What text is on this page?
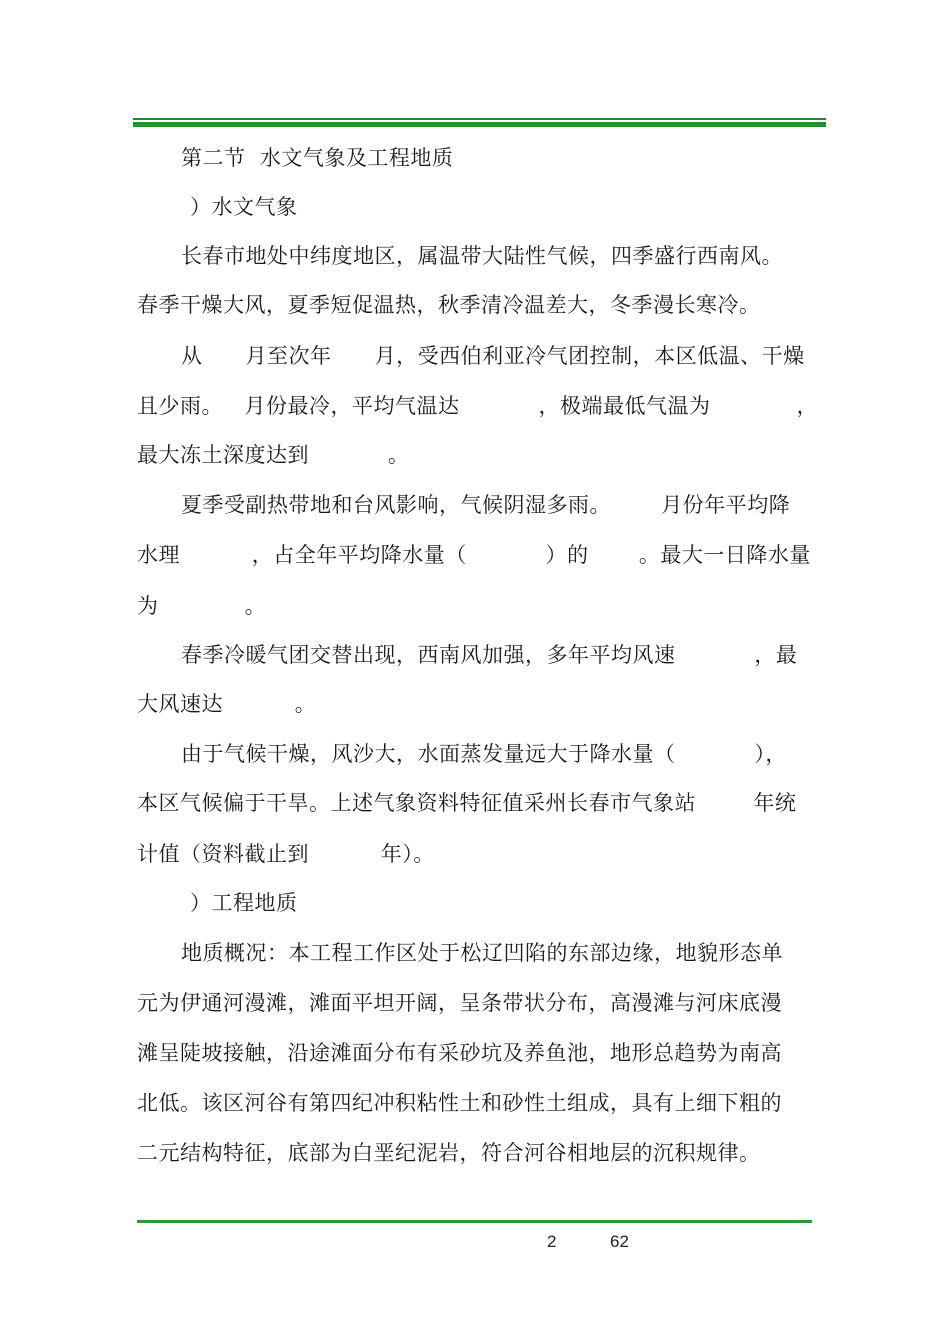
第二节  水文气象及工程地质
）水文气象
长春市地处中纬度地区，属温带大陆性气候，四季盛行西南风。
春季干燥大风，夏季短促温热，秋季清冷温差大，冬季漫长寒冷。
从      月至次年      月，受西伯利亚冷气团控制，本区低温、干燥
且少雨。   月份最冷，平均气温达           ，极端最低气温为            ，
最大冻土深度达到           。
夏季受副热带地和台风影响，气候阴湿多雨。       月份年平均降
水理          ，占全年平均降水量（           ）的       。最大一日降水量
为            。
春季冷暖气团交替出现，西南风加强，多年平均风速           ，最
大风速达          。
由于气候干燥，风沙大，水面蒸发量远大于降水量（           ），
本区气候偏于干旱。上述气象资料特征值采州长春市气象站        年统
计值（资料截止到          年）。
）工程地质
地质概况：本工程工作区处于松辽凹陷的东部边缘，地貌形态单
元为伊通河漫滩，滩面平坦开阔，呈条带状分布，高漫滩与河床底漫
滩呈陡坡接触，沿途滩面分布有采砂坑及养鱼池，地形总趋势为南高
北低。该区河谷有第四纪冲积粘性土和砂性土组成，具有上细下粗的
二元结构特征，底部为白垩纪泥岩，符合河谷相地层的沉积规律。
2	62
